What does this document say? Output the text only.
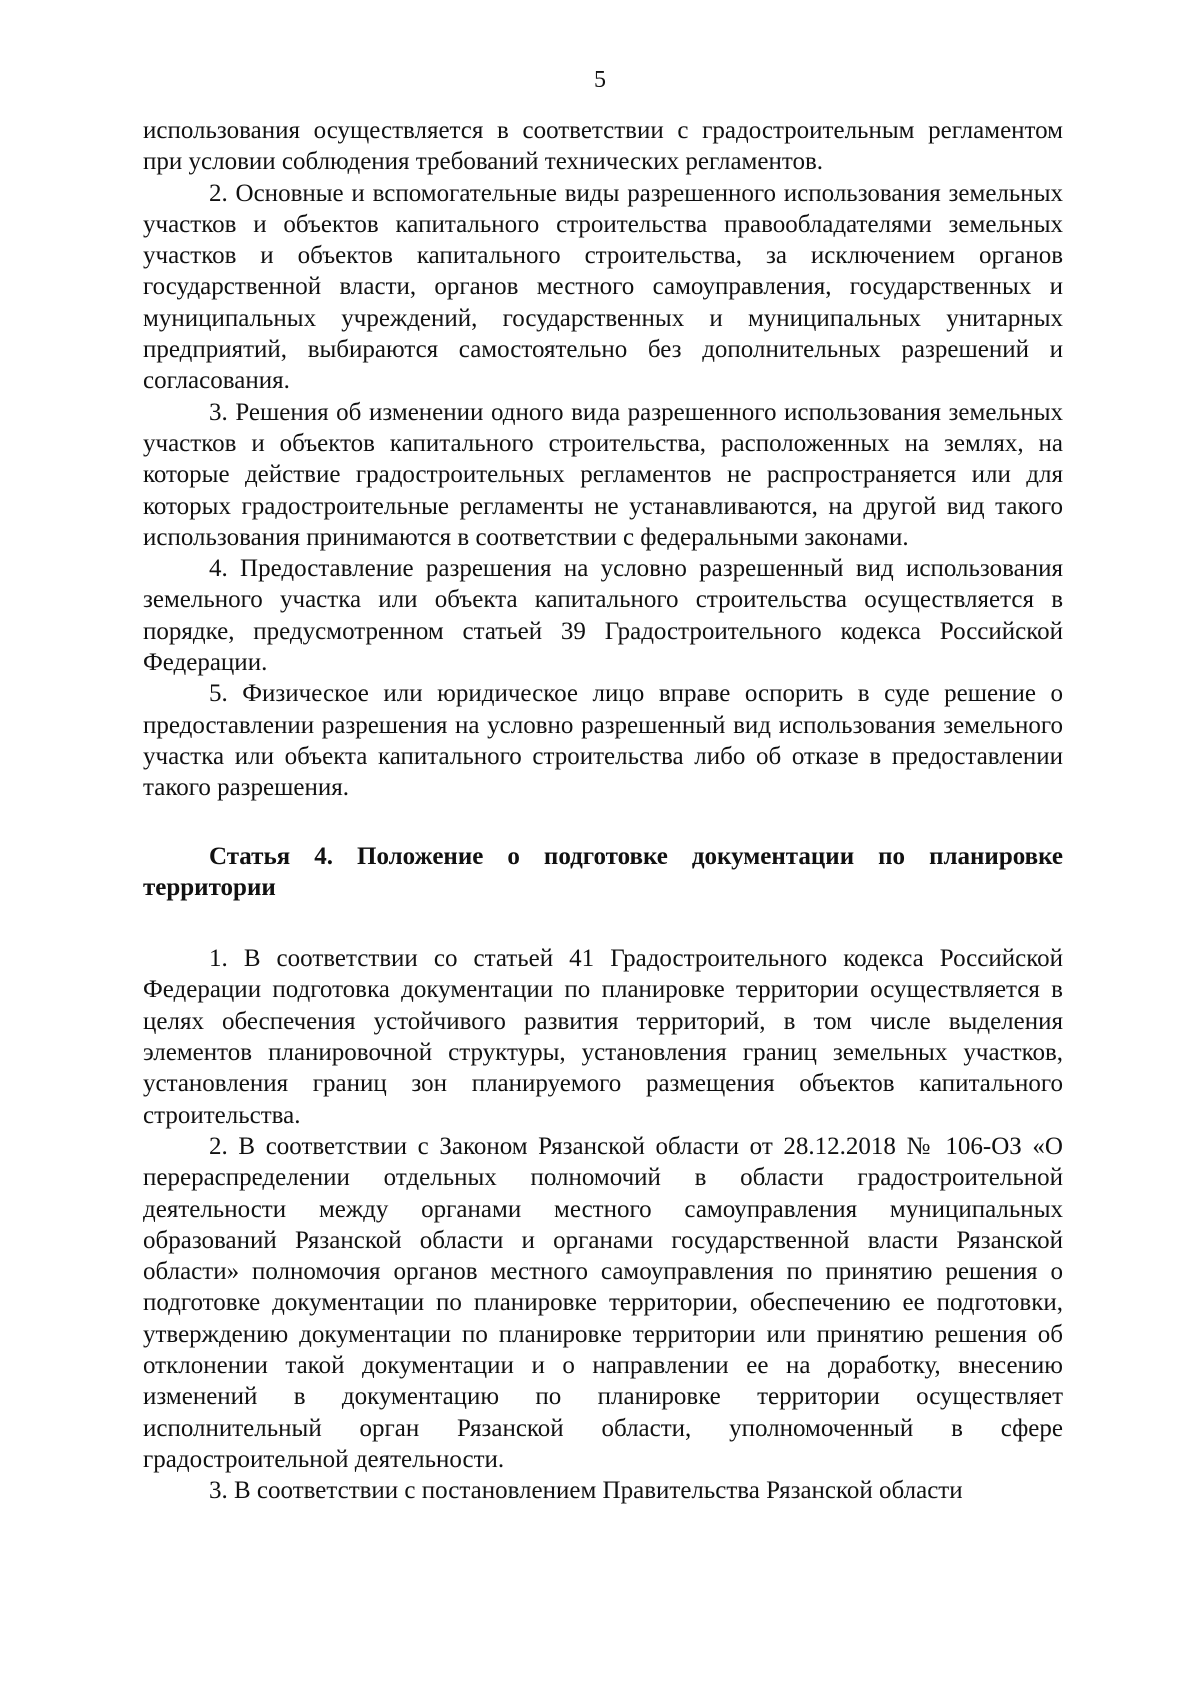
5

использования осуществляется в соответствии с градостроительным регламентом при условии соблюдения требований технических регламентов.

2. Основные и вспомогательные виды разрешенного использования земельных участков и объектов капитального строительства правообладателями земельных участков и объектов капитального строительства, за исключением органов государственной власти, органов местного самоуправления, государственных и муниципальных учреждений, государственных и муниципальных унитарных предприятий, выбираются самостоятельно без дополнительных разрешений и согласования.

3. Решения об изменении одного вида разрешенного использования земельных участков и объектов капитального строительства, расположенных на землях, на которые действие градостроительных регламентов не распространяется или для которых градостроительные регламенты не устанавливаются, на другой вид такого использования принимаются в соответствии с федеральными законами.

4. Предоставление разрешения на условно разрешенный вид использования земельного участка или объекта капитального строительства осуществляется в порядке, предусмотренном статьей 39 Градостроительного кодекса Российской Федерации.

5. Физическое или юридическое лицо вправе оспорить в суде решение о предоставлении разрешения на условно разрешенный вид использования земельного участка или объекта капитального строительства либо об отказе в предоставлении такого разрешения.

Статья 4. Положение о подготовке документации по планировке территории

1. В соответствии со статьей 41 Градостроительного кодекса Российской Федерации подготовка документации по планировке территории осуществляется в целях обеспечения устойчивого развития территорий, в том числе выделения элементов планировочной структуры, установления границ земельных участков, установления границ зон планируемого размещения объектов капитального строительства.

2. В соответствии с Законом Рязанской области от 28.12.2018 № 106-ОЗ «О перераспределении отдельных полномочий в области градостроительной деятельности между органами местного самоуправления муниципальных образований Рязанской области и органами государственной власти Рязанской области» полномочия органов местного самоуправления по принятию решения о подготовке документации по планировке территории, обеспечению ее подготовки, утверждению документации по планировке территории или принятию решения об отклонении такой документации и о направлении ее на доработку, внесению изменений в документацию по планировке территории осуществляет исполнительный орган Рязанской области, уполномоченный в сфере градостроительной деятельности.

3. В соответствии с постановлением Правительства Рязанской области
